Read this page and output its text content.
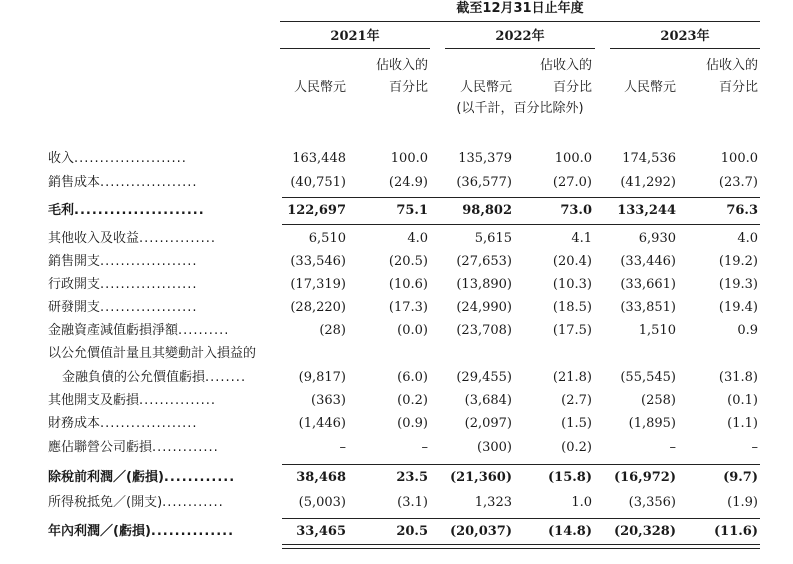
截至12月31日止年度
2021年	2022年	2023年
佔收入的	佔收入的	佔收入的
人民幣元	百分比	人民幣元	百分比	人民幣元	百分比
(以千計，百分比除外)
收入......................	163,448	100.0	135,379	100.0	174,536	100.0
銷售成本...................	(40,751)	(24.9)	(36,577)	(27.0)	(41,292)	(23.7)
毛利......................	122,697	75.1	98,802	73.0	133,244	76.3
其他收入及收益...............	6,510	4.0	5,615	4.1	6,930	4.0
銷售開支...................	(33,546)	(20.5)	(27,653)	(20.4)	(33,446)	(19.2)
行政開支...................	(17,319)	(10.6)	(13,890)	(10.3)	(33,661)	(19.3)
研發開支...................	(28,220)	(17.3)	(24,990)	(18.5)	(33,851)	(19.4)
金融資產減值虧損淨額..........	(28)	(0.0)	(23,708)	(17.5)	1,510	0.9
以公允價值計量且其變動計入損益的
金融負債的公允價值虧損........	(9,817)	(6.0)	(29,455)	(21.8)	(55,545)	(31.8)
其他開支及虧損...............	(363)	(0.2)	(3,684)	(2.7)	(258)	(0.1)
財務成本...................	(1,446)	(0.9)	(2,097)	(1.5)	(1,895)	(1.1)
應佔聯營公司虧損.............	–	–	(300)	(0.2)	–	–
除稅前利潤／(虧損)............	38,468	23.5	(21,360)	(15.8)	(16,972)	(9.7)
所得稅抵免／(開支)............	(5,003)	(3.1)	1,323	1.0	(3,356)	(1.9)
年內利潤／(虧損)..............	33,465	20.5	(20,037)	(14.8)	(20,328)	(11.6)
